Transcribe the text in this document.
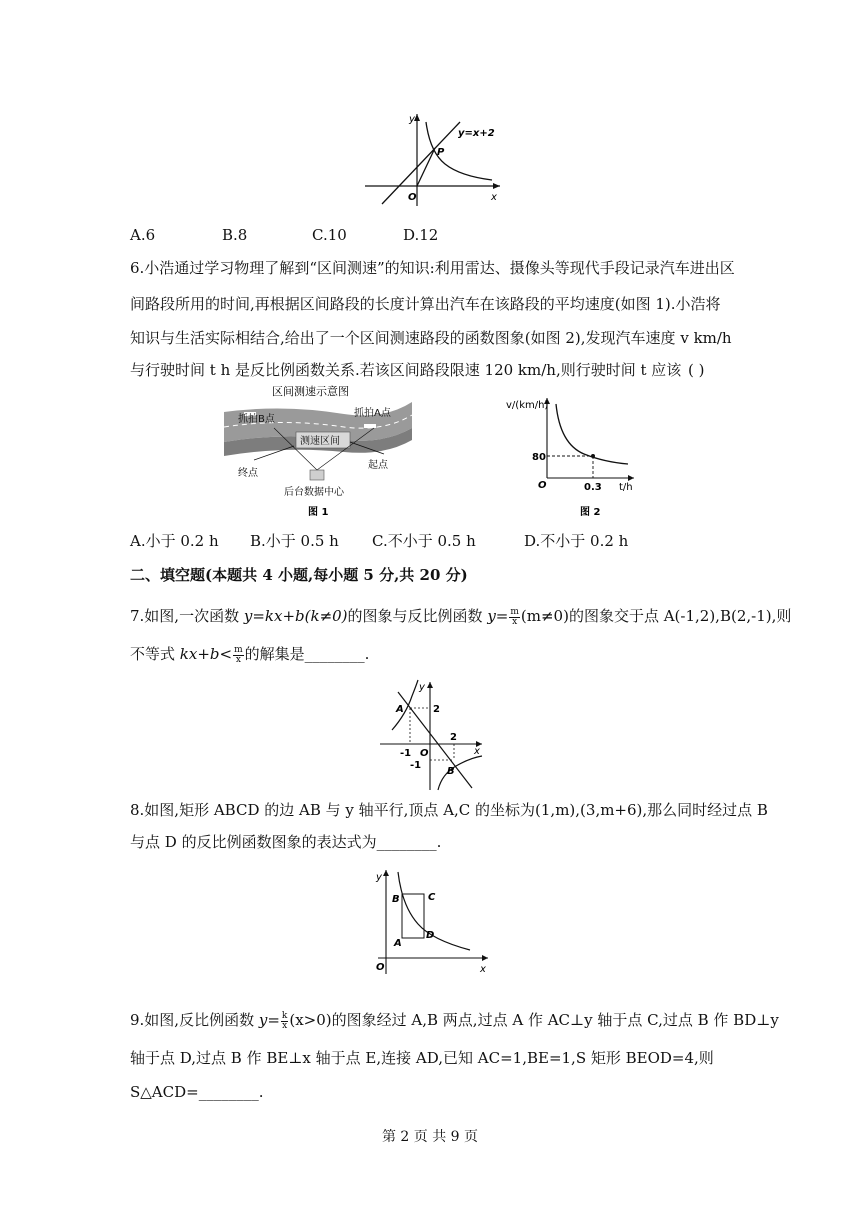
y
y=x+2
P
O	x
A.6	B.8	C.10	D.12
6.小浩通过学习物理了解到“区间测速”的知识:利用雷达、摄像头等现代手段记录汽车进出区
间路段所用的时间,再根据区间路段的长度计算出汽车在该路段的平均速度(如图 1).小浩将
知识与生活实际相结合,给出了一个区间测速路段的函数图象(如图 2),发现汽车速度 v km/h
与行驶时间 t h 是反比例函数关系.若该区间路段限速 120 km/h,则行驶时间 t 应该 ( )
区间测速示意图
抓拍B点
抓拍A点
测速区间
终点
起点
后台数据中心
图 1
v/(km/h)
80
O	0.3 t/h
图 2
A.小于 0.2 h B.小于 0.5 h C.不小于 0.5 h	D.不小于 0.2 h
二、填空题(本题共 4 小题,每小题 5 分,共 20 分)
7.如图,一次函数 y=kx+b(k≠0)的图象与反比例函数 $y= \frac{m}{x} (m\ne 0)$的图象交于点 A(-1,2),B(2,-1),则
不等式 $kx+b< \frac{m}{x}$ 的解集是________.
y
A	2
-1 O
2
x
-1
B
8.如图,矩形 ABCD 的边 AB 与 y 轴平行,顶点 A,C 的坐标为(1,m),(3,m+6),那么同时经过点 B
与点 D 的反比例函数图象的表达式为________.
y
B	C
D
A
O	x
9.如图,反比例函数 $y= \frac{k}{x} (x>0)$的图象经过 A,B 两点,过点 A 作 AC⊥y 轴于点 C,过点 B 作 BD⊥y
轴于点 D,过点 B 作 BE⊥x 轴于点 E,连接 AD,已知 AC=1,BE=1,S 矩形 BEOD=4,则
S△ACD=________.
第 2 页 共 9 页
